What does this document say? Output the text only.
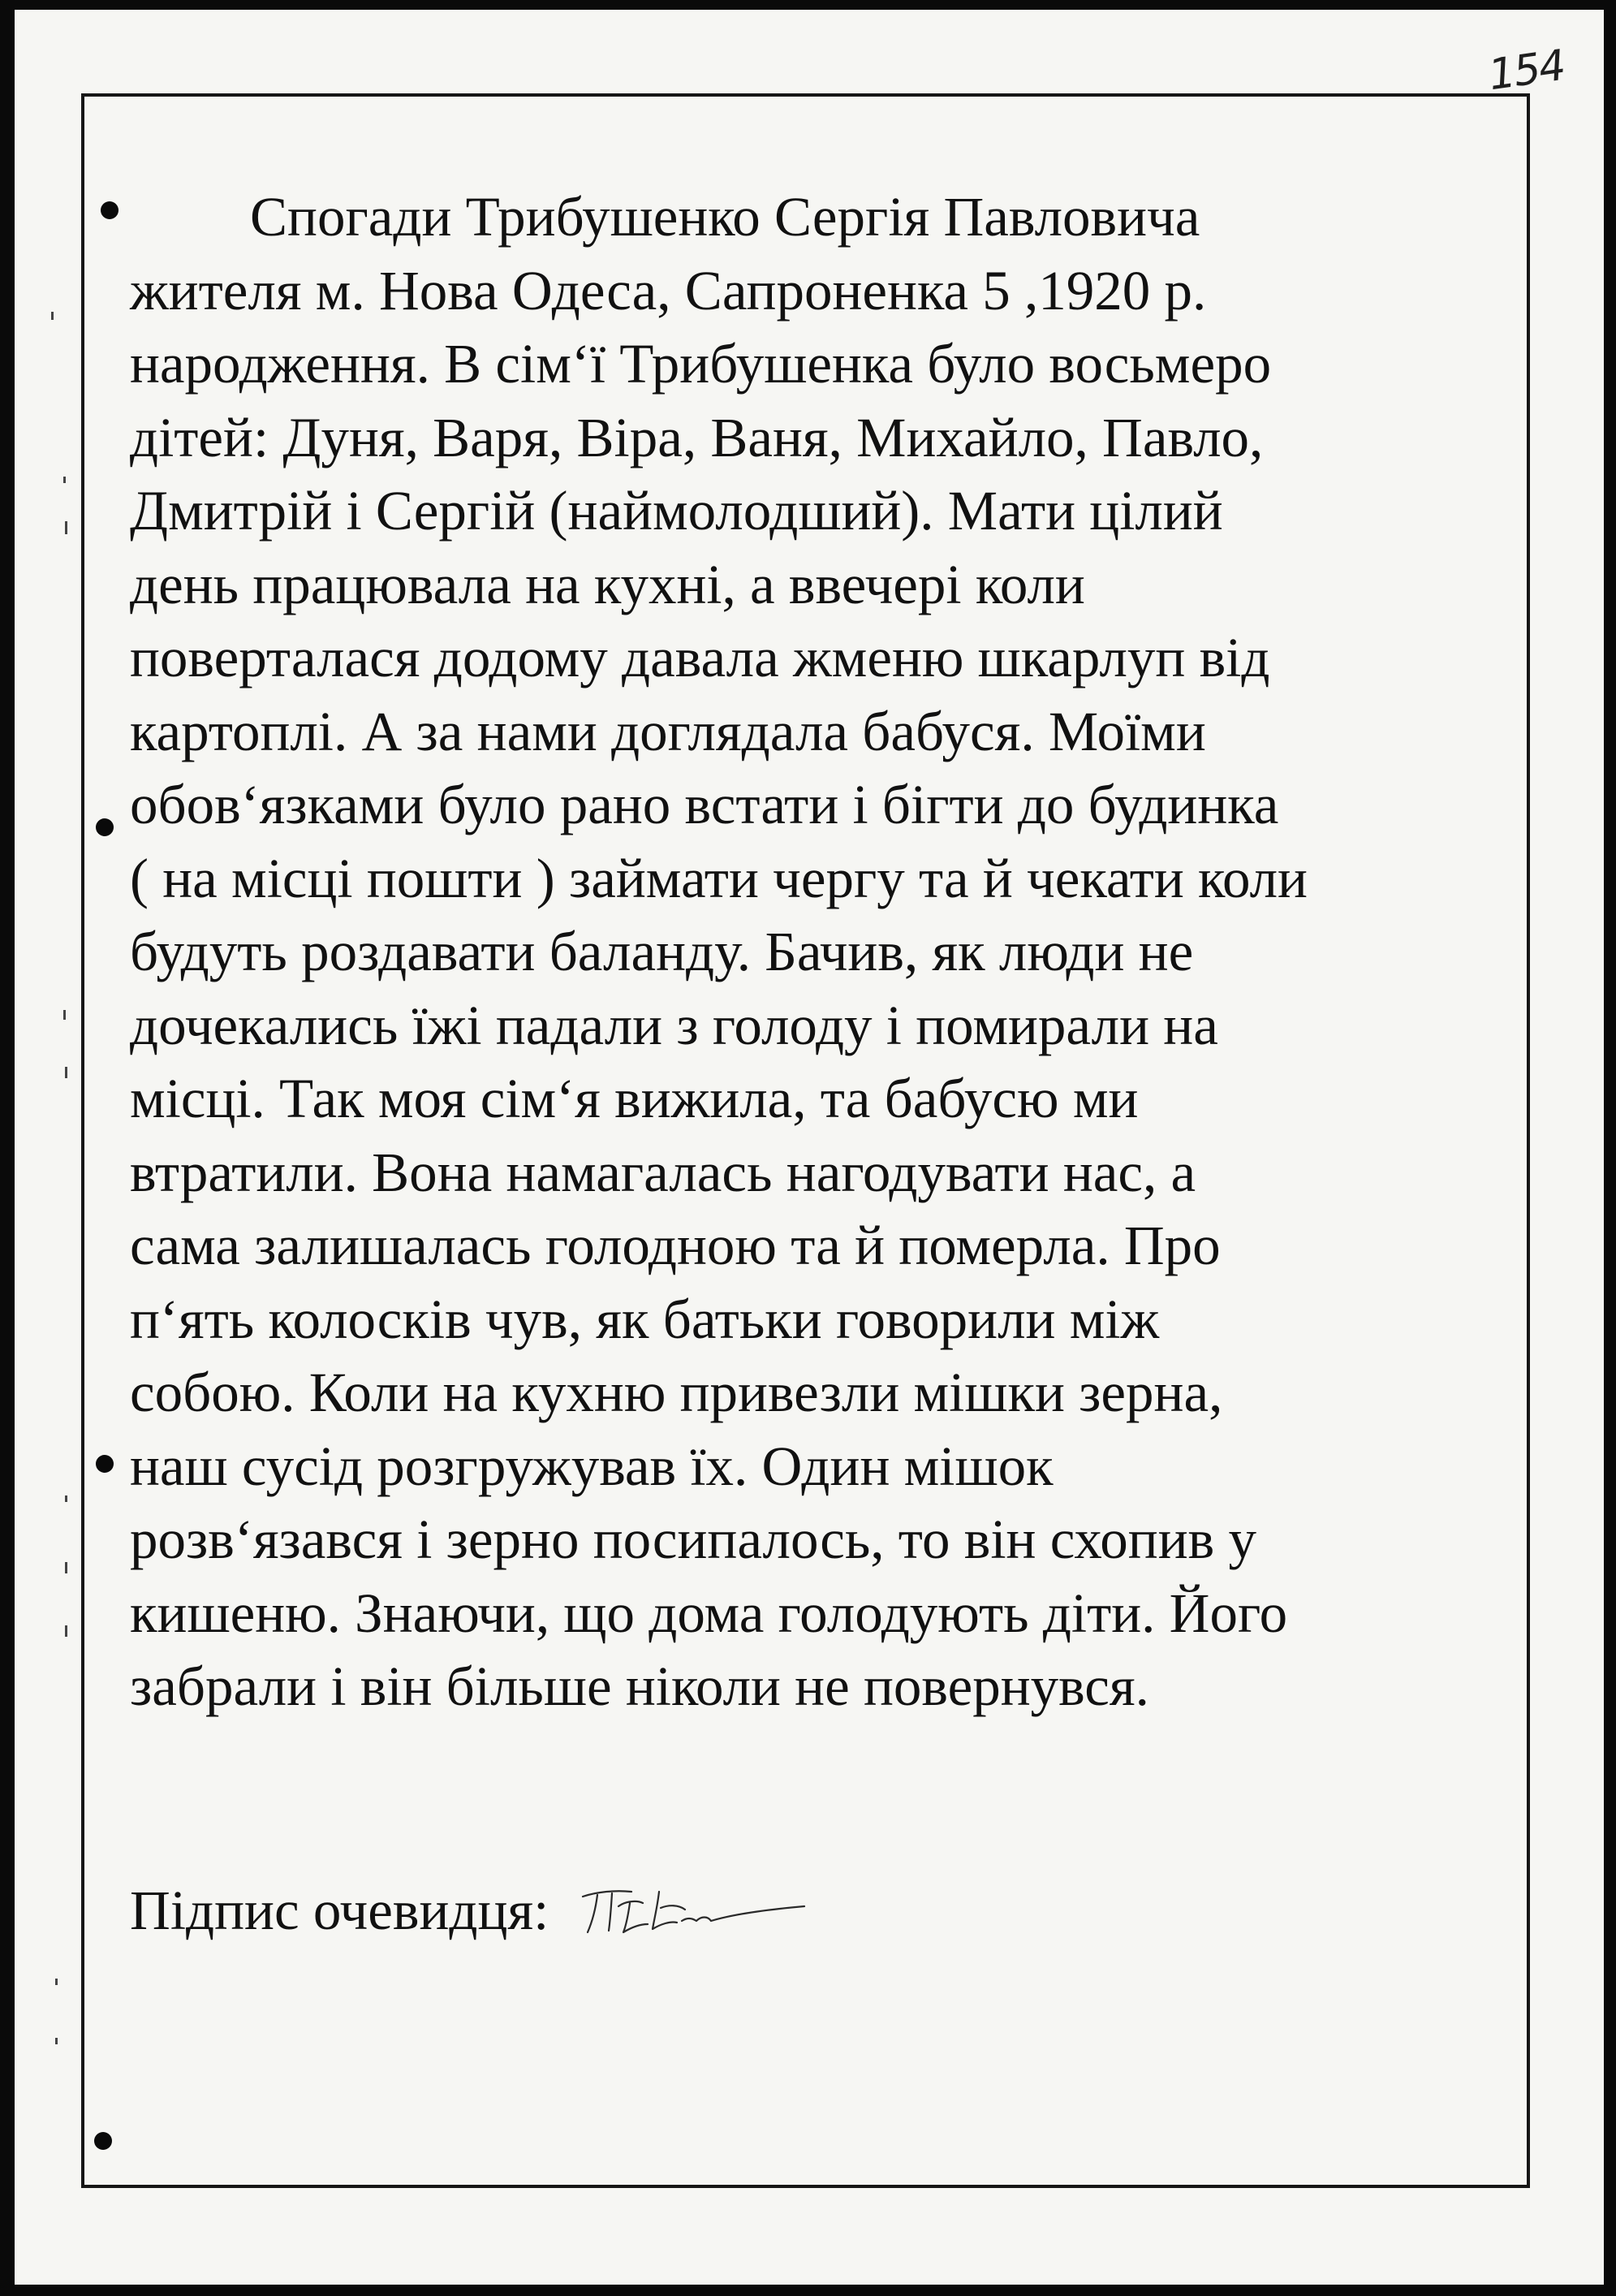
154
Спогади Трибушенко Сергія Павловича
жителя м. Нова Одеса, Сапроненка 5 ,1920 р.
народження. В сім‘ї Трибушенка було восьмеро
дітей: Дуня, Варя, Віра, Ваня, Михайло, Павло,
Дмитрій і Сергій (наймолодший). Мати цілий
день працювала на кухні, а ввечері коли
поверталася додому давала жменю шкарлуп від
картоплі. А за нами доглядала бабуся. Моїми
обов‘язками було рано встати і бігти до будинка
( на місці пошти ) займати чергу та й чекати коли
будуть роздавати баланду. Бачив, як люди не
дочекались їжі падали з голоду і помирали на
місці. Так моя сім‘я вижила, та бабусю ми
втратили. Вона намагалась нагодувати нас, а
сама залишалась голодною та й померла. Про
п‘ять колосків чув, як батьки говорили між
собою. Коли на кухню привезли мішки зерна,
наш сусід розгружував їх. Один мішок
розв‘язався і зерно посипалось, то він схопив у
кишеню. Знаючи, що дома голодують діти. Його
забрали і він більше ніколи не повернувся.
Підпис очевидця:
